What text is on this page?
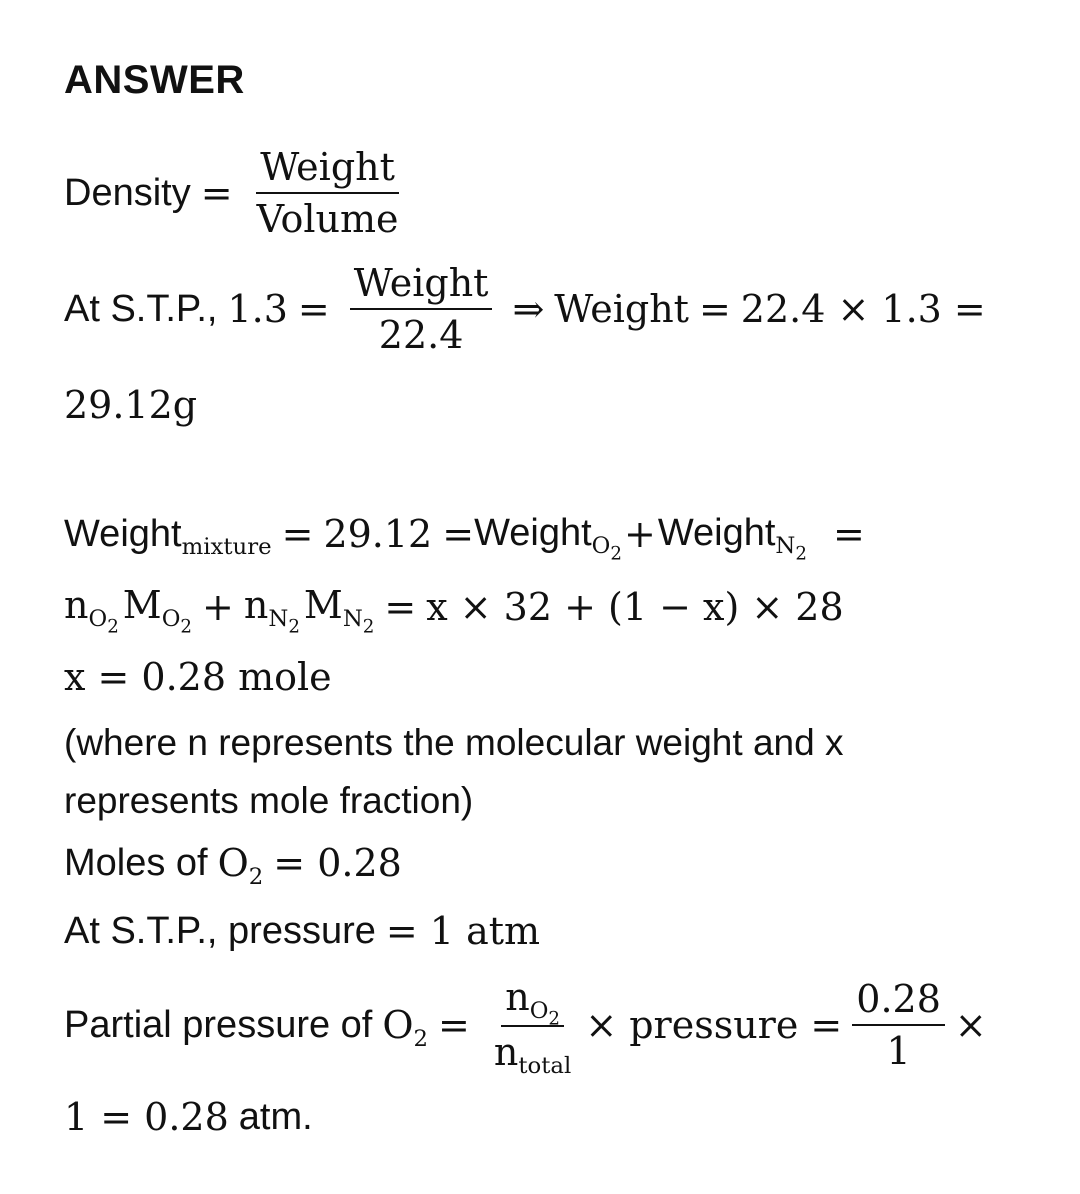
ANSWER
Density = $\frac{\text{Weight}}{\text{Volume}}$
At S.T.P., $1.3 = \frac{\text{Weight}}{22.4}$ ⇒ Weight = 22.4 × 1.3 =
29.12g
Weight$_{mixture}$ = 29.12 = Weight$_{O_2}$ + Weight$_{N_2}$ =
$n_{O_2}$ $M_{O_2} + n_{N_2}$ $M_{N_2} = x \times 32 + (1 - x) \times 28$
x = 0.28 mole
(where n represents the molecular weight and x represents mole fraction)
Moles of $O_2 = 0.28$
At S.T.P., pressure = 1 atm
Partial pressure of $O_2 = \frac{n_{O_2}}{n_{total}}$ × pressure = $\frac{0.28}{1}$ ×
1 = 0.28 atm.
